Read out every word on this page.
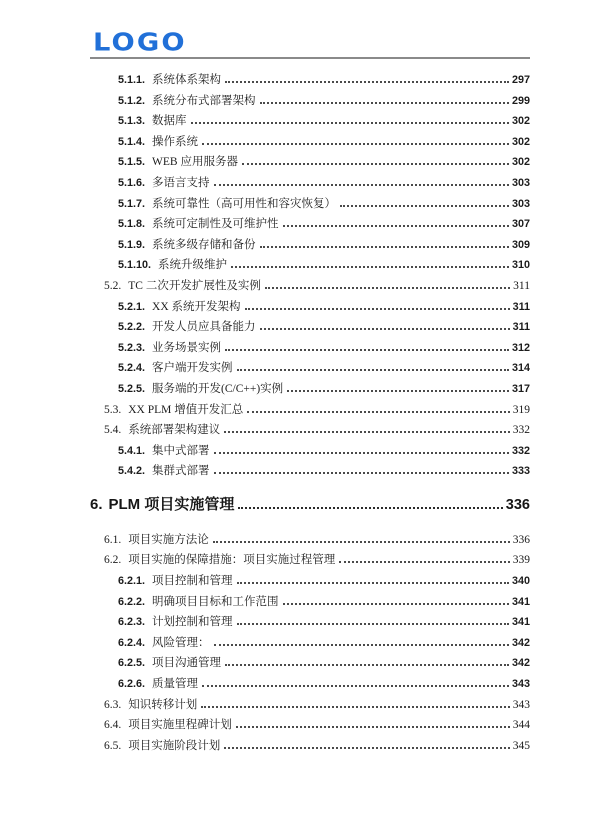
LOGO
5.1.1. 系统体系架构	297
5.1.2. 系统分布式部署架构	299
5.1.3. 数据库	302
5.1.4. 操作系统	302
5.1.5. WEB 应用服务器	302
5.1.6. 多语言支持	303
5.1.7. 系统可靠性（高可用性和容灾恢复）	303
5.1.8. 系统可定制性及可维护性	307
5.1.9. 系统多级存储和备份	309
5.1.10. 系统升级维护	310
5.2. TC 二次开发扩展性及实例	311
5.2.1. XX 系统开发架构	311
5.2.2. 开发人员应具备能力	311
5.2.3. 业务场景实例	312
5.2.4. 客户端开发实例	314
5.2.5. 服务端的开发(C/C++)实例	317
5.3. XX PLM 增值开发汇总	319
5.4. 系统部署架构建议	332
5.4.1. 集中式部署	332
5.4.2. 集群式部署	333
6. PLM 项目实施管理	336
6.1. 项目实施方法论	336
6.2. 项目实施的保障措施：项目实施过程管理	339
6.2.1. 项目控制和管理	340
6.2.2. 明确项目目标和工作范围	341
6.2.3. 计划控制和管理	341
6.2.4. 风险管理：	342
6.2.5. 项目沟通管理	342
6.2.6. 质量管理	343
6.3. 知识转移计划	343
6.4. 项目实施里程碑计划	344
6.5. 项目实施阶段计划	345
